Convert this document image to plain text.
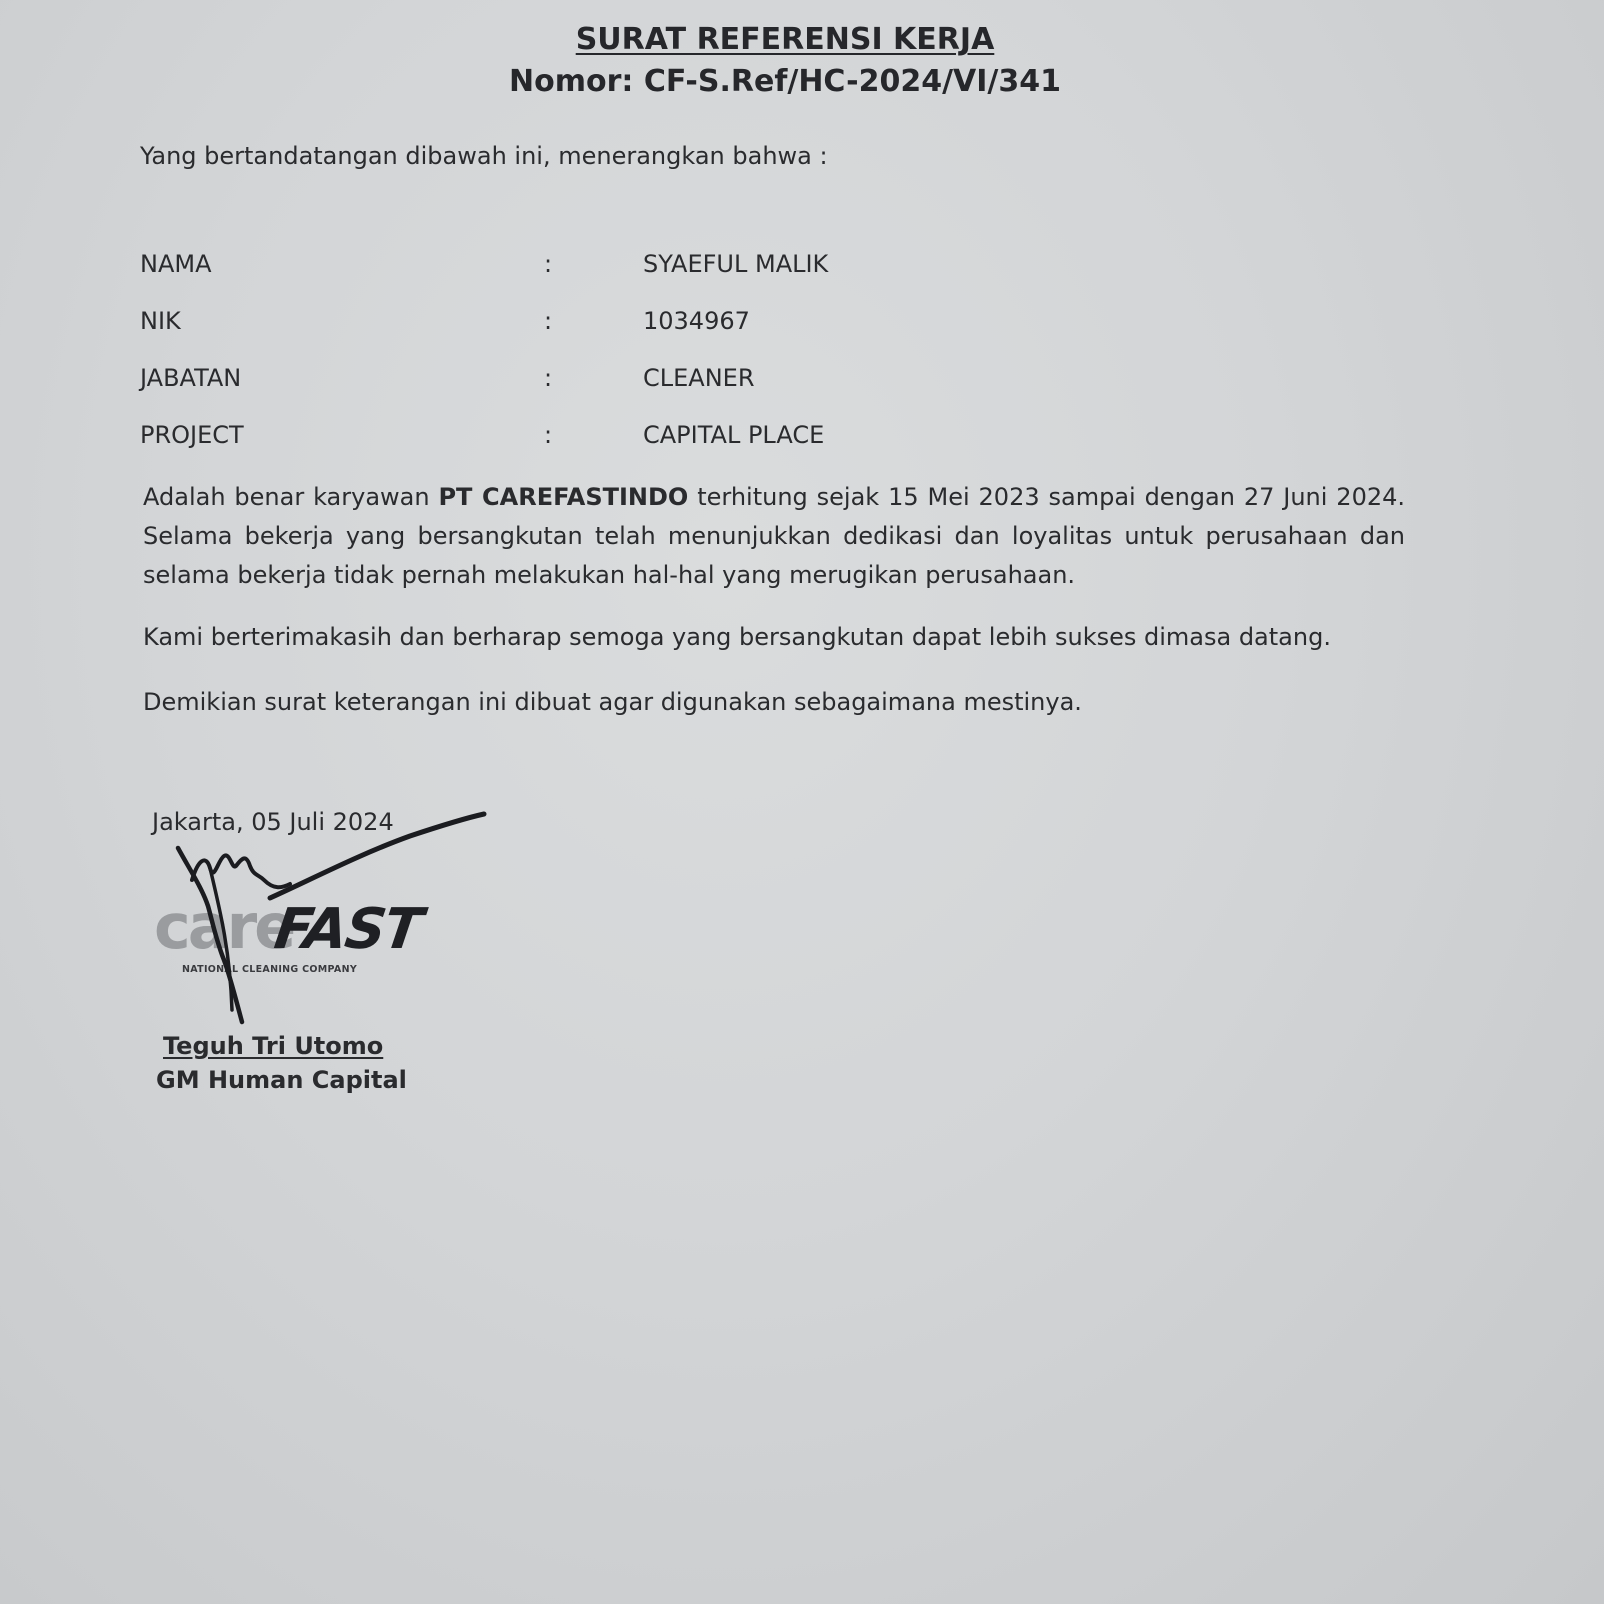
SURAT REFERENSI KERJA
Nomor: CF-S.Ref/HC-2024/VI/341
Yang bertandatangan dibawah ini, menerangkan bahwa :
NAMA	:	SYAEFUL MALIK
NIK	:	1034967
JABATAN	:	CLEANER
PROJECT	:	CAPITAL PLACE
Adalah benar karyawan PT CAREFASTINDO terhitung sejak 15 Mei 2023 sampai dengan 27 Juni 2024. Selama bekerja yang bersangkutan telah menunjukkan dedikasi dan loyalitas untuk perusahaan dan selama bekerja tidak pernah melakukan hal-hal yang merugikan perusahaan.
Kami berterimakasih dan berharap semoga yang bersangkutan dapat lebih sukses dimasa datang.
Demikian surat keterangan ini dibuat agar digunakan sebagaimana mestinya.
Jakarta, 05 Juli 2024
care
FAST
NATIONAL CLEANING COMPANY
Teguh Tri Utomo
GM Human Capital
